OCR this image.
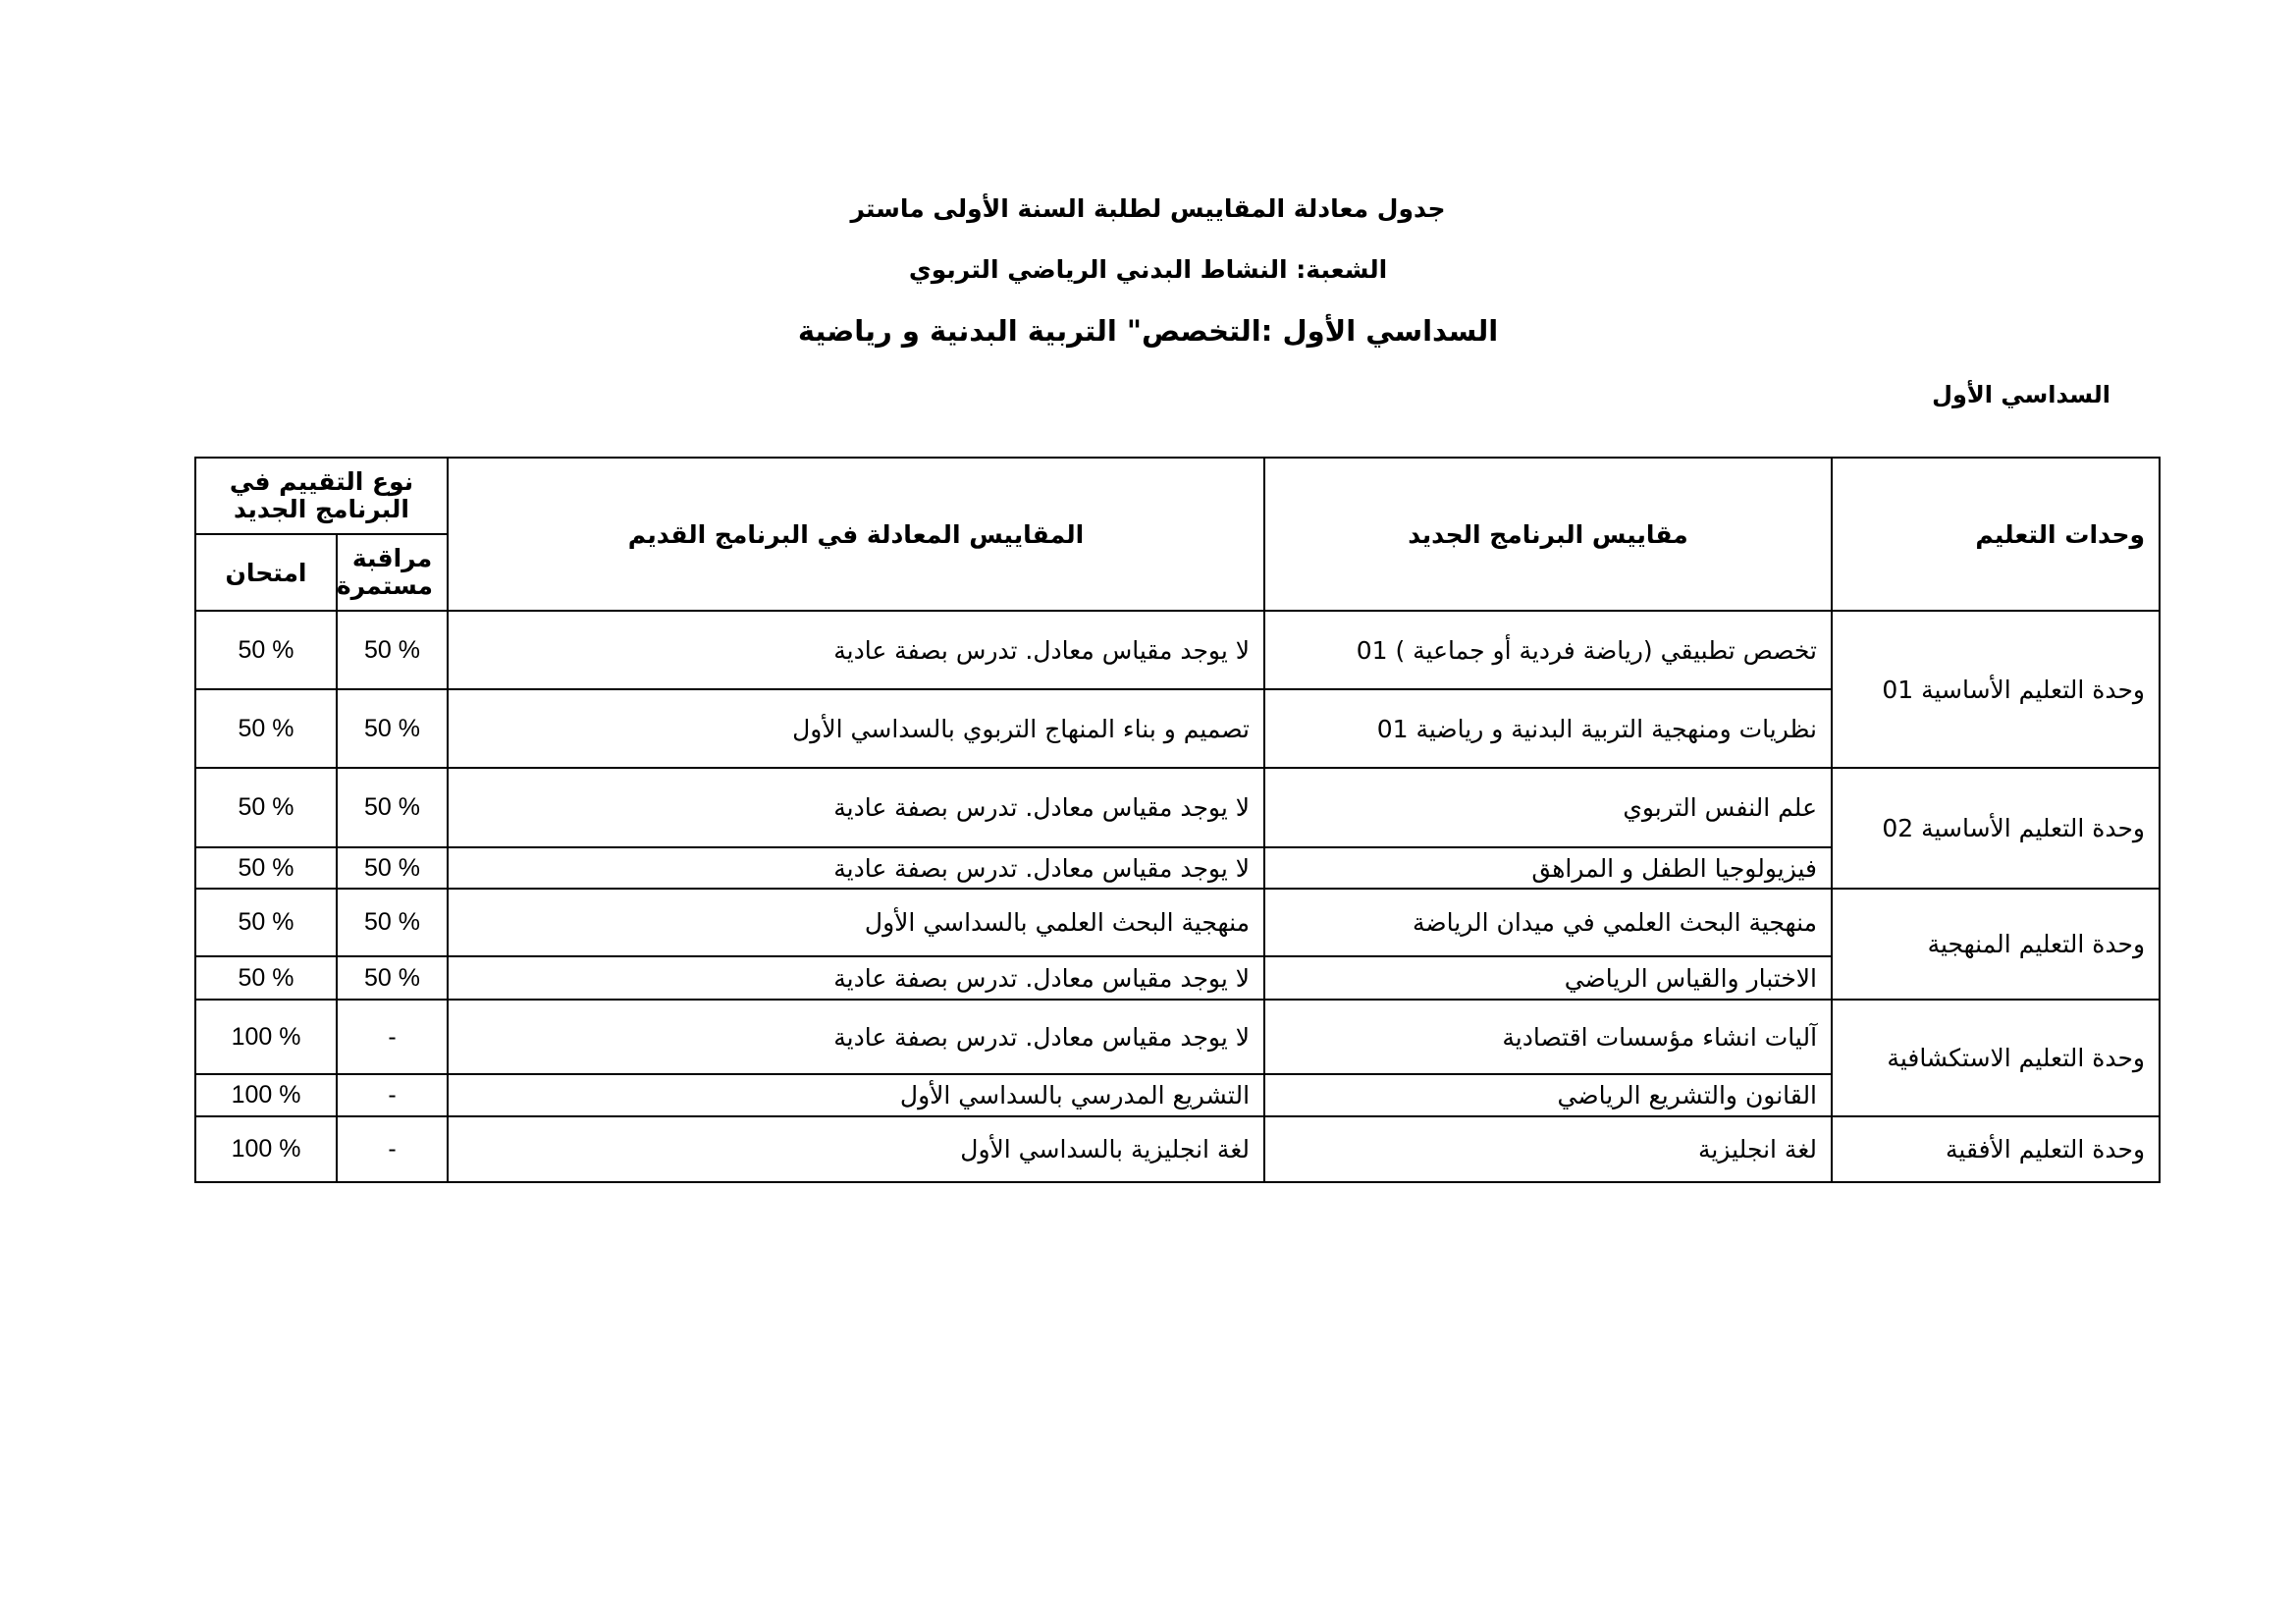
جدول معادلة المقاييس لطلبة السنة الأولى ماستر
الشعبة: النشاط البدني الرياضي التربوي
السداسي الأول :التخصص" التربية البدنية و رياضية
السداسي الأول
وحدات التعليم	مقاييس البرنامج الجديد	المقاييس المعادلة في البرنامج القديم	نوع التقييم في البرنامج الجديد	
			مراقبة مستمرة	امتحان
وحدة التعليم الأساسية 01	تخصص تطبيقي (رياضة فردية أو جماعية ) 01	لا يوجد مقياس معادل. تدرس بصفة عادية	50 %	50 %
	نظريات ومنهجية التربية البدنية و رياضية 01	تصميم و بناء المنهاج التربوي بالسداسي الأول	50 %	50 %
وحدة التعليم الأساسية 02	علم النفس التربوي	لا يوجد مقياس معادل. تدرس بصفة عادية	50 %	50 %
	فيزيولوجيا الطفل و المراهق	لا يوجد مقياس معادل. تدرس بصفة عادية	50 %	50 %
وحدة التعليم المنهجية	منهجية البحث العلمي في ميدان الرياضة	منهجية البحث العلمي بالسداسي الأول	50 %	50 %
	الاختبار والقياس الرياضي	لا يوجد مقياس معادل. تدرس بصفة عادية	50 %	50 %
وحدة التعليم الاستكشافية	آليات انشاء مؤسسات اقتصادية	لا يوجد مقياس معادل. تدرس بصفة عادية	-	100 %
	القانون والتشريع الرياضي	التشريع المدرسي بالسداسي الأول	-	100 %
وحدة التعليم الأفقية	لغة انجليزية	لغة انجليزية بالسداسي الأول	-	100 %
